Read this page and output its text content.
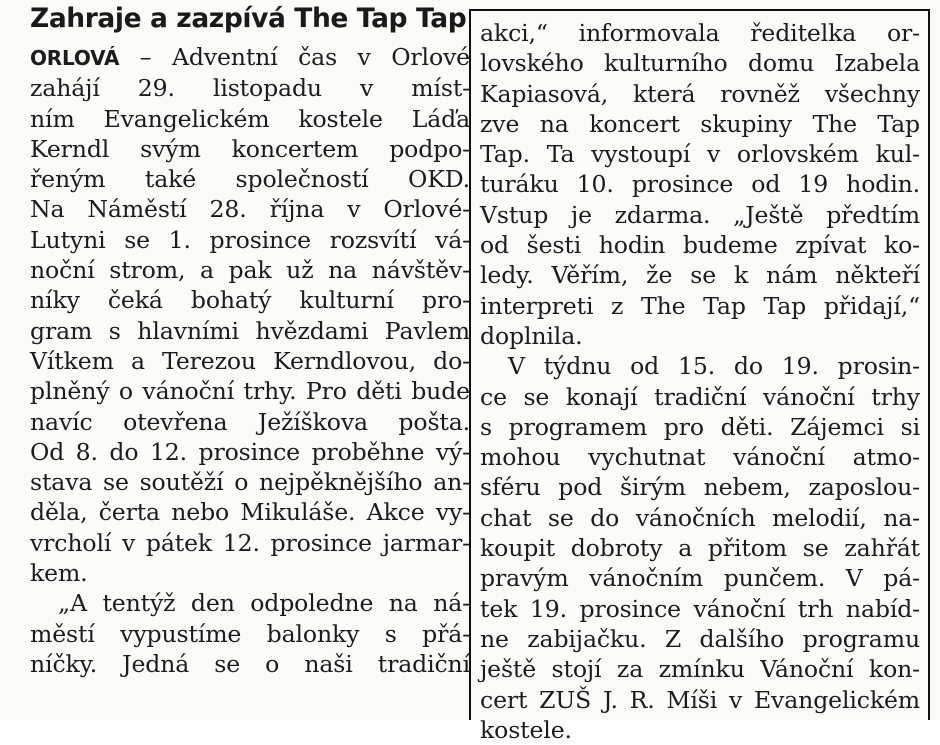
Zahraje a zazpívá The Tap Tap
ORLOVÁ – Adventní čas v Orlové
zahájí 29. listopadu v míst-
ním Evangelickém kostele Láďa
Kerndl svým koncertem podpo-
řeným také společností OKD.
Na Náměstí 28. října v Orlové-
Lutyni se 1. prosince rozsvítí vá-
noční strom, a pak už na návštěv-
níky čeká bohatý kulturní pro-
gram s hlavními hvězdami Pavlem
Vítkem a Terezou Kerndlovou, do-
plněný o vánoční trhy. Pro děti bude
navíc otevřena Ježíškova pošta.
Od 8. do 12. prosince proběhne vý-
stava se soutěží o nejpěknějšího an-
děla, čerta nebo Mikuláše. Akce vy-
vrcholí v pátek 12. prosince jarmar-
kem.
„A tentýž den odpoledne na ná-
městí vypustíme balonky s přá-
níčky. Jedná se o naši tradiční
akci,“ informovala ředitelka or-
lovského kulturního domu Izabela
Kapiasová, která rovněž všechny
zve na koncert skupiny The Tap
Tap. Ta vystoupí v orlovském kul-
turáku 10. prosince od 19 hodin.
Vstup je zdarma. „Ještě předtím
od šesti hodin budeme zpívat ko-
ledy. Věřím, že se k nám někteří
interpreti z The Tap Tap přidají,“
doplnila.
V týdnu od 15. do 19. prosin-
ce se konají tradiční vánoční trhy
s programem pro děti. Zájemci si
mohou vychutnat vánoční atmo-
sféru pod širým nebem, zaposlou-
chat se do vánočních melodií, na-
koupit dobroty a přitom se zahřát
pravým vánočním punčem. V pá-
tek 19. prosince vánoční trh nabíd-
ne zabijačku. Z dalšího programu
ještě stojí za zmínku Vánoční kon-
cert ZUŠ J. R. Míši v Evangelickém
kostele.
